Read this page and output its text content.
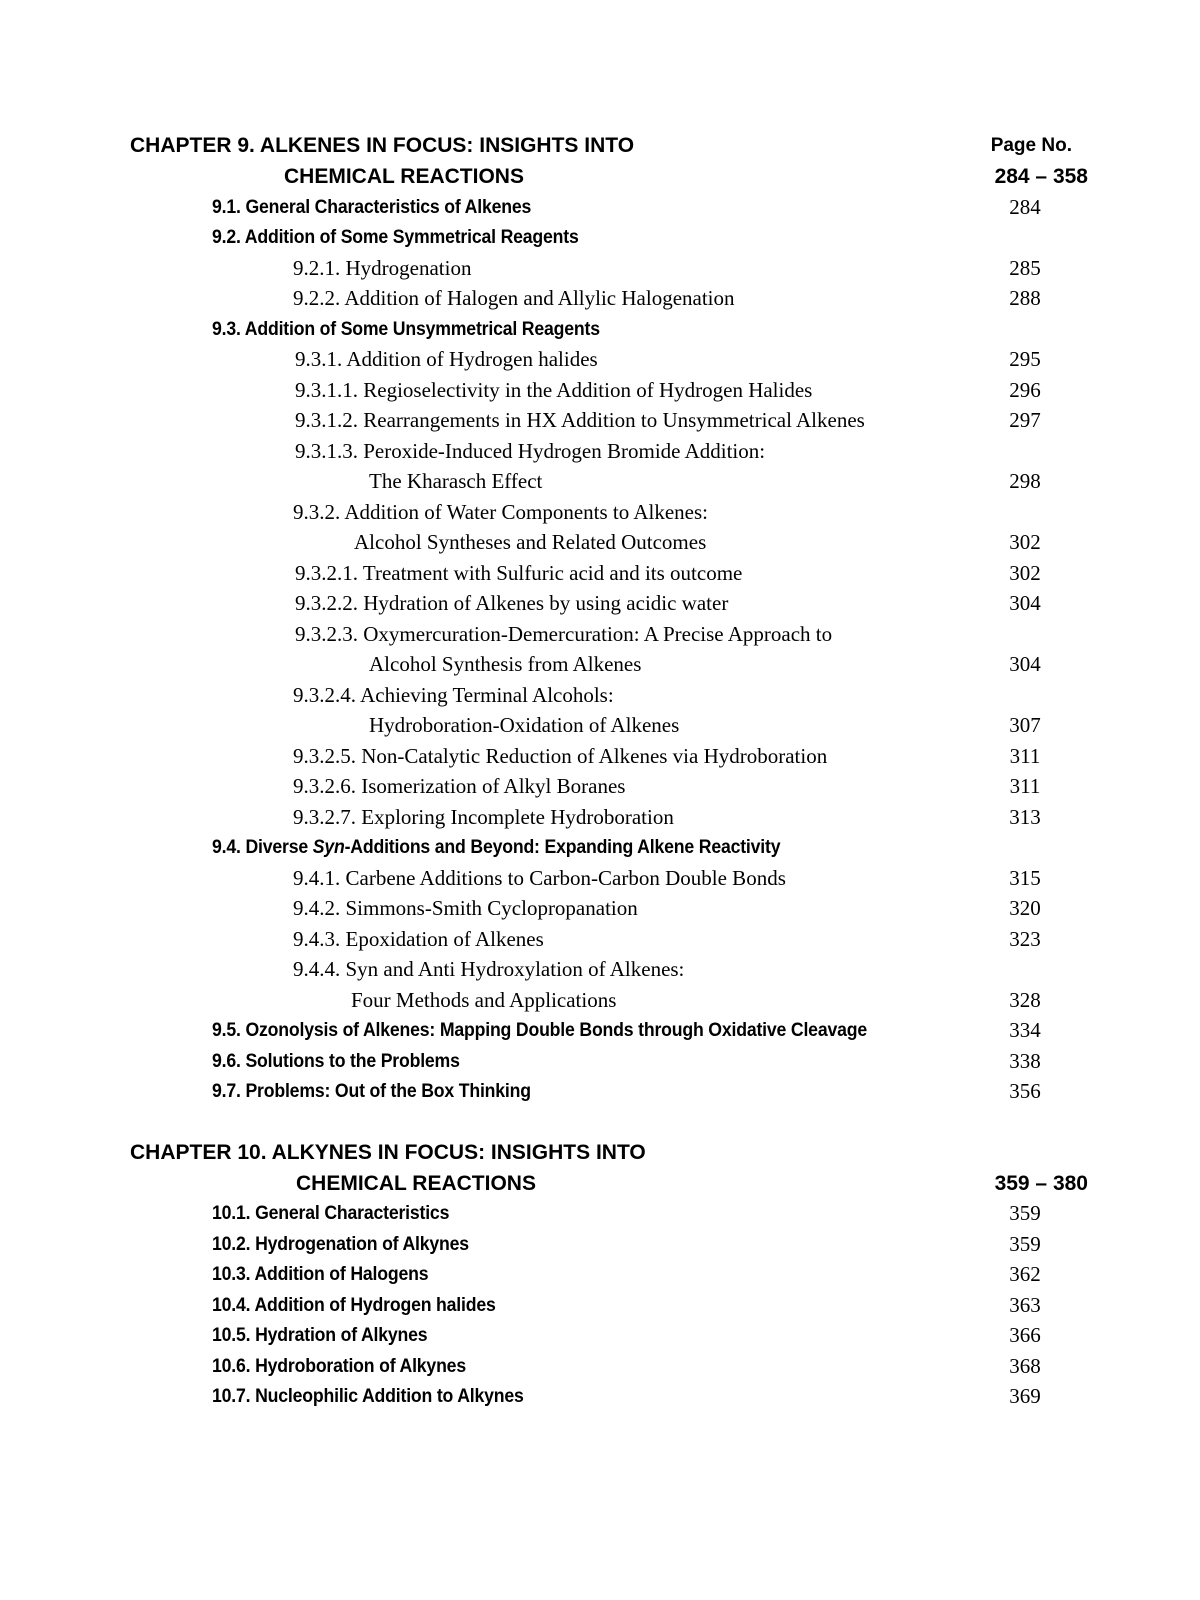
CHAPTER 9. ALKENES IN FOCUS: INSIGHTS INTO	Page No.
CHEMICAL REACTIONS	284 – 358
9.1. General Characteristics of Alkenes	284
9.2. Addition of Some Symmetrical Reagents
9.2.1. Hydrogenation	285
9.2.2. Addition of Halogen and Allylic Halogenation	288
9.3. Addition of Some Unsymmetrical Reagents
9.3.1. Addition of Hydrogen halides	295
9.3.1.1. Regioselectivity in the Addition of Hydrogen Halides	296
9.3.1.2. Rearrangements in HX Addition to Unsymmetrical Alkenes	297
9.3.1.3. Peroxide-Induced Hydrogen Bromide Addition:
The Kharasch Effect	298
9.3.2. Addition of Water Components to Alkenes:
Alcohol Syntheses and Related Outcomes	302
9.3.2.1. Treatment with Sulfuric acid and its outcome	302
9.3.2.2. Hydration of Alkenes by using acidic water	304
9.3.2.3. Oxymercuration-Demercuration: A Precise Approach to
Alcohol Synthesis from Alkenes	304
9.3.2.4. Achieving Terminal Alcohols:
Hydroboration-Oxidation of Alkenes	307
9.3.2.5. Non-Catalytic Reduction of Alkenes via Hydroboration	311
9.3.2.6. Isomerization of Alkyl Boranes	311
9.3.2.7. Exploring Incomplete Hydroboration	313
9.4. Diverse Syn-Additions and Beyond: Expanding Alkene Reactivity
9.4.1. Carbene Additions to Carbon-Carbon Double Bonds	315
9.4.2. Simmons-Smith Cyclopropanation	320
9.4.3. Epoxidation of Alkenes	323
9.4.4. Syn and Anti Hydroxylation of Alkenes:
Four Methods and Applications	328
9.5. Ozonolysis of Alkenes: Mapping Double Bonds through Oxidative Cleavage	334
9.6. Solutions to the Problems	338
9.7. Problems: Out of the Box Thinking	356
CHAPTER 10. ALKYNES IN FOCUS: INSIGHTS INTO
CHEMICAL REACTIONS	359 – 380
10.1. General Characteristics	359
10.2. Hydrogenation of Alkynes	359
10.3. Addition of Halogens	362
10.4. Addition of Hydrogen halides	363
10.5. Hydration of Alkynes	366
10.6. Hydroboration of Alkynes	368
10.7. Nucleophilic Addition to Alkynes	369
